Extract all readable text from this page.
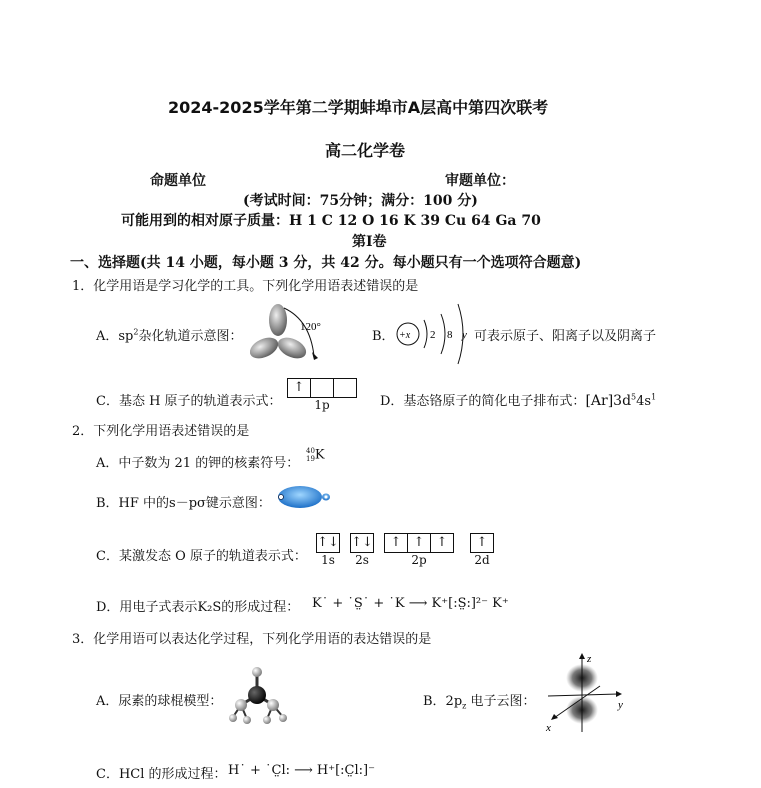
2024-2025学年第二学期蚌埠市A层高中第四次联考
高二化学卷
命题单位	审题单位：
(考试时间：75分钟；满分：100 分)
可能用到的相对原子质量：H 1 C 12 O 16 K 39 Cu 64 Ga 70
第Ⅰ卷
一、选择题(共 14 小题，每小题 3 分，共 42 分。每小题只有一个选项符合题意)
1．化学用语是学习化学的工具。下列化学用语表述错误的是
A．$sp^2$杂化轨道示意图：
120°
B． +x 2 8 y 可表示原子、阳离子以及阴离子
C．基态 H 原子的轨道表示式：
↑
1p	D．基态铬原子的简化电子排布式：$[Ar]3d^54s^1$
2．下列化学用语表述错误的是
A．中子数为 21 的钾的核素符号：
40
19 K
B．HF 中的s－pσ键示意图：
C．某激发态 O 原子的轨道表示式：
↑↓
1s
↑↓
2s
↑ ↑ ↑
2p
↑
2d
D．用电子式表示K₂S的形成过程： K˙ + ˙S̤˙ + ˙K ⟶ K⁺[:S̤:]²⁻ K⁺
3．化学用语可以表达化学过程，下列化学用语的表达错误的是
A．尿素的球棍模型：	B．$2p_z$ 电子云图：
z
y
x
C．HCl 的形成过程： H˙ + ˙C̤l: ⟶ H⁺[:C̤l:]⁻
